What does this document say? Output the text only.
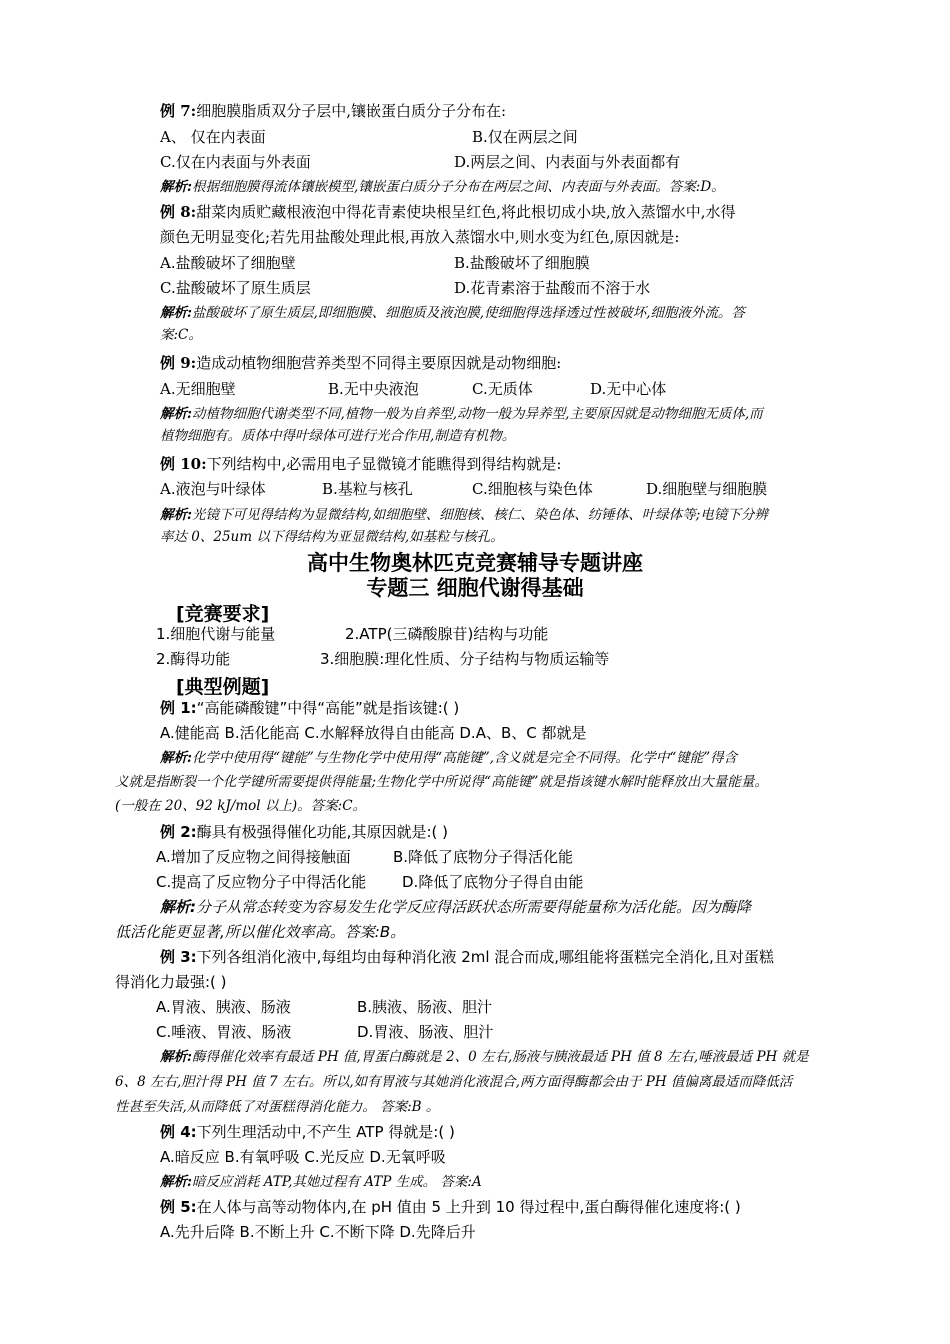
例 7:细胞膜脂质双分子层中,镶嵌蛋白质分子分布在:
A、 仅在内表面	B.仅在两层之间
C.仅在内表面与外表面	D.两层之间、内表面与外表面都有
解析:根据细胞膜得流体镶嵌模型,镶嵌蛋白质分子分布在两层之间、内表面与外表面。答案:D。
例 8:甜菜肉质贮藏根液泡中得花青素使块根呈红色,将此根切成小块,放入蒸馏水中,水得
颜色无明显变化;若先用盐酸处理此根,再放入蒸馏水中,则水变为红色,原因就是:
A.盐酸破坏了细胞壁	B.盐酸破坏了细胞膜
C.盐酸破坏了原生质层	D.花青素溶于盐酸而不溶于水
解析:盐酸破坏了原生质层,即细胞膜、细胞质及液泡膜,使细胞得选择透过性被破坏,细胞液外流。答
案:C。
例 9:造成动植物细胞营养类型不同得主要原因就是动物细胞:
A.无细胞壁	B.无中央液泡	C.无质体	D.无中心体
解析:动植物细胞代谢类型不同,植物一般为自养型,动物一般为异养型,主要原因就是动物细胞无质体,而
植物细胞有。质体中得叶绿体可进行光合作用,制造有机物。
例 10:下列结构中,必需用电子显微镜才能瞧得到得结构就是:
A.液泡与叶绿体	B.基粒与核孔	C.细胞核与染色体	D.细胞壁与细胞膜
解析:光镜下可见得结构为显微结构,如细胞壁、细胞核、核仁、染色体、纺锤体、叶绿体等;电镜下分辨
率达 0、25um 以下得结构为亚显微结构,如基粒与核孔。
高中生物奥林匹克竞赛辅导专题讲座
专题三 细胞代谢得基础
[竞赛要求]
1.细胞代谢与能量	2.ATP(三磷酸腺苷)结构与功能
2.酶得功能	3.细胞膜:理化性质、分子结构与物质运输等
[典型例题]
例 1:“高能磷酸键”中得“高能”就是指该键:( )
A.健能高 B.活化能高 C.水解释放得自由能高 D.A、B、C 都就是
解析:化学中使用得“键能”与生物化学中使用得“高能键”,含义就是完全不同得。化学中“键能”得含
义就是指断裂一个化学键所需要提供得能量;生物化学中所说得“高能键”就是指该键水解时能释放出大量能量。
(一般在 20、92 kJ/mol 以上)。答案:C。
例 2:酶具有极强得催化功能,其原因就是:( )
A.增加了反应物之间得接触面	B.降低了底物分子得活化能
C.提高了反应物分子中得活化能 D.降低了底物分子得自由能
解析:分子从常态转变为容易发生化学反应得活跃状态所需要得能量称为活化能。因为酶降
低活化能更显著,所以催化效率高。答案:B。
例 3:下列各组消化液中,每组均由每种消化液 2ml 混合而成,哪组能将蛋糕完全消化,且对蛋糕
得消化力最强:( )
A.胃液、胰液、肠液	B.胰液、肠液、胆汁
C.唾液、胃液、肠液	D.胃液、肠液、胆汁
解析:酶得催化效率有最适 PH 值,胃蛋白酶就是 2、0 左右,肠液与胰液最适 PH 值 8 左右,唾液最适 PH 就是
6、8 左右,胆汁得 PH 值 7 左右。所以,如有胃液与其她消化液混合,两方面得酶都会由于 PH 值偏离最适而降低活
性甚至失活,从而降低了对蛋糕得消化能力。 答案:B 。
例 4:下列生理活动中,不产生 ATP 得就是:( )
A.暗反应 B.有氧呼吸 C.光反应 D.无氧呼吸
解析:暗反应消耗 ATP,其她过程有 ATP 生成。 答案:A
例 5:在人体与高等动物体内,在 pH 值由 5 上升到 10 得过程中,蛋白酶得催化速度将:( )
A.先升后降 B.不断上升 C.不断下降 D.先降后升
